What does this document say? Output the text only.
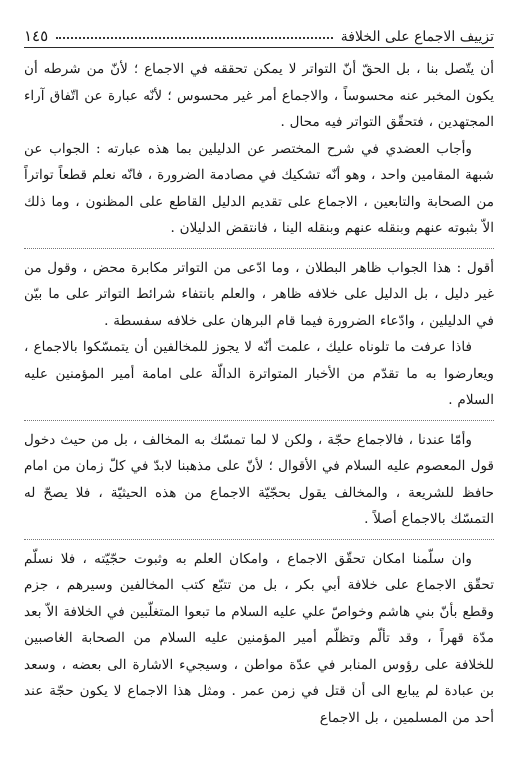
تزييف الاجماع على الخلافة
١٤٥

أن يتّصل بنا ، بل الحقّ أنّ التواتر لا يمكن تحققه في الاجماع ؛ لأنّ من شرطه أن يكون المخبر عنه محسوساً ، والاجماع أمر غير محسوس ؛ لأنّه عبارة عن اتّفاق آراء المجتهدين ، فتحقّق التواتر فيه محال .

وأجاب العضدي في شرح المختصر عن الدليلين بما هذه عبارته : الجواب عن شبهة المقامين واحد ، وهو أنّه تشكيك في مصادمة الضرورة ، فانّه نعلم قطعاً تواتراً من الصحابة والتابعين ، الاجماع على تقديم الدليل القاطع على المظنون ، وما ذلك الاّ بثبوته عنهم وبنقله عنهم وبنقله الينا ، فانتقض الدليلان .

أقول : هذا الجواب ظاهر البطلان ، وما ادّعى من التواتر مكابرة محض ، وقول من غير دليل ، بل الدليل على خلافه ظاهر ، والعلم بانتفاء شرائط التواتر على ما بيّن في الدليلين ، وادّعاء الضرورة فيما قام البرهان على خلافه سفسطة .

فاذا عرفت ما تلوناه عليك ، علمت أنّه لا يجوز للمخالفين أن يتمسّكوا بالاجماع ، ويعارضوا به ما تقدّم من الأخبار المتواترة الدالّة على امامة أمير المؤمنين عليه السلام .

وأمّا عندنا ، فالاجماع حجّة ، ولكن لا لما تمسّك به المخالف ، بل من حيث دخول قول المعصوم عليه السلام في الأقوال ؛ لأنّ على مذهبنا لابدّ في كلّ زمان من امام حافظ للشريعة ، والمخالف يقول بحجّيّة الاجماع من هذه الحيثيّة ، فلا يصحّ له التمسّك بالاجماع أصلاً .

وان سلّمنا امكان تحقّق الاجماع ، وامكان العلم به وثبوت حجّيّته ، فلا نسلّم تحقّق الاجماع على خلافة أبي بكر ، بل من تتبّع كتب المخالفين وسيرهم ، جزم وقطع بأنّ بني هاشم وخواصّ علي عليه السلام ما تبعوا المتغلّبين في الخلافة الاّ بعد مدّة قهراً ، وقد تألّم وتظلّم أمير المؤمنين عليه السلام من الصحابة الغاصبين للخلافة على رؤوس المنابر في عدّة مواطن ، وسيجيء الاشارة الى بعضه ، وسعد بن عبادة لم يبايع الى أن قتل في زمن عمر . ومثل هذا الاجماع لا يكون حجّة عند أحد من المسلمين ، بل الاجماع
